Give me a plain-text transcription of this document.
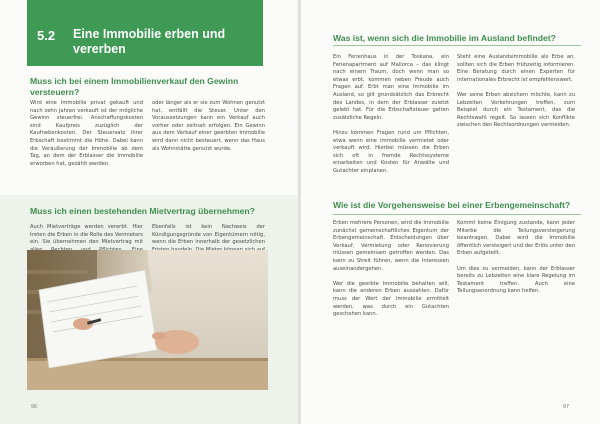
5.2 Eine Immobilie erben und vererben
Muss ich bei einem Immobilienverkauf den Gewinn versteuern?
Wird eine Immobilie privat gekauft und nach zehn Jahren verkauft ist der mögliche Gewinn steuerfrei. Anschaffungskosten sind Kaufpreis zuzüglich der Kaufnebenkosten. Der Steuersatz ihrer Erbschaft bestimmt die Höhe. Dabei kann die Veräußerung der Immobilie ab dem Tag, an dem der Erblasser die Immobilie erworben hat, gezählt werden.
oder länger als er sie zum Wohnen genutzt hat, entfällt die Steuer. Unter den Voraussetzungen kann ein Verkauf auch vorher oder zeitnah erfolgen. Ein Gewinn aus dem Verkauf einer geerbten Immobilie wird dann nicht besteuert, wenn das Haus als Wohnstätte genutzt wurde.
Muss ich einen bestehenden Mietvertrag übernehmen?
Auch Mietverträge werden vererbt. Hier treten die Erben in die Rolle des Vermieters ein. Sie übernehmen den Mietvertrag mit
Ebenfalls ist kein Nachweis der Kündigungsgründe von Eigentümern nötig, wenn die Erben innerhalb der gesetzlichen
96
Was ist, wenn sich die Immobilie im Ausland befindet?
Ein Ferienhaus in der Toskana, ein Ferienapartment auf Mallorca – das klingt nach einem Traum, doch wenn man so etwas erbt, kommen neben Freude auch Fragen auf. Erbt man eine Immobilie im Ausland, so gilt grundsätzlich das Erbrecht des Landes, in dem der Erblasser zuletzt gelebt hat. Für die Erbschaftsteuer gelten zusätzliche Regeln.

Hinzu kommen Fragen rund um Pflichten, etwa wenn eine Immobilie vermietet oder verkauft wird. Hierbei müssen die Erben sich oft in fremde Rechtssysteme einarbeiten und Kosten für Anwälte und Gutachter einplanen.
Steht eine Auslandsimmobilie als Erbe an, sollten sich die Erben frühzeitig informieren. Eine Beratung durch einen Experten für internationales Erbrecht ist empfehlenswert.

Wer seine Erben absichern möchte, kann zu Lebzeiten Vorkehrungen treffen, zum Beispiel durch ein Testament, das die Rechtswahl regelt. So lassen sich Konflikte zwischen den Rechtsordnungen vermeiden.
Wie ist die Vorgehensweise bei einer Erbengemeinschaft?
Erben mehrere Personen, wird die Immobilie zunächst gemeinschaftliches Eigentum der Erbengemeinschaft. Entscheidungen über Verkauf, Vermietung oder Renovierung müssen gemeinsam getroffen werden. Das kann zu Streit führen, wenn die Interessen auseinandergehen.

Wer die geerbte Immobilie behalten will, kann die anderen Erben auszahlen. Dafür muss der Wert der Immobilie ermittelt werden, was durch ein Gutachten geschehen kann.
Kommt keine Einigung zustande, kann jeder Miterbe die Teilungsversteigerung beantragen. Dabei wird die Immobilie öffentlich versteigert und der Erlös unter den Erben aufgeteilt.

Um dies zu vermeiden, kann der Erblasser bereits zu Lebzeiten eine klare Regelung im Testament treffen. Auch eine Teilungsanordnung kann helfen.
97
